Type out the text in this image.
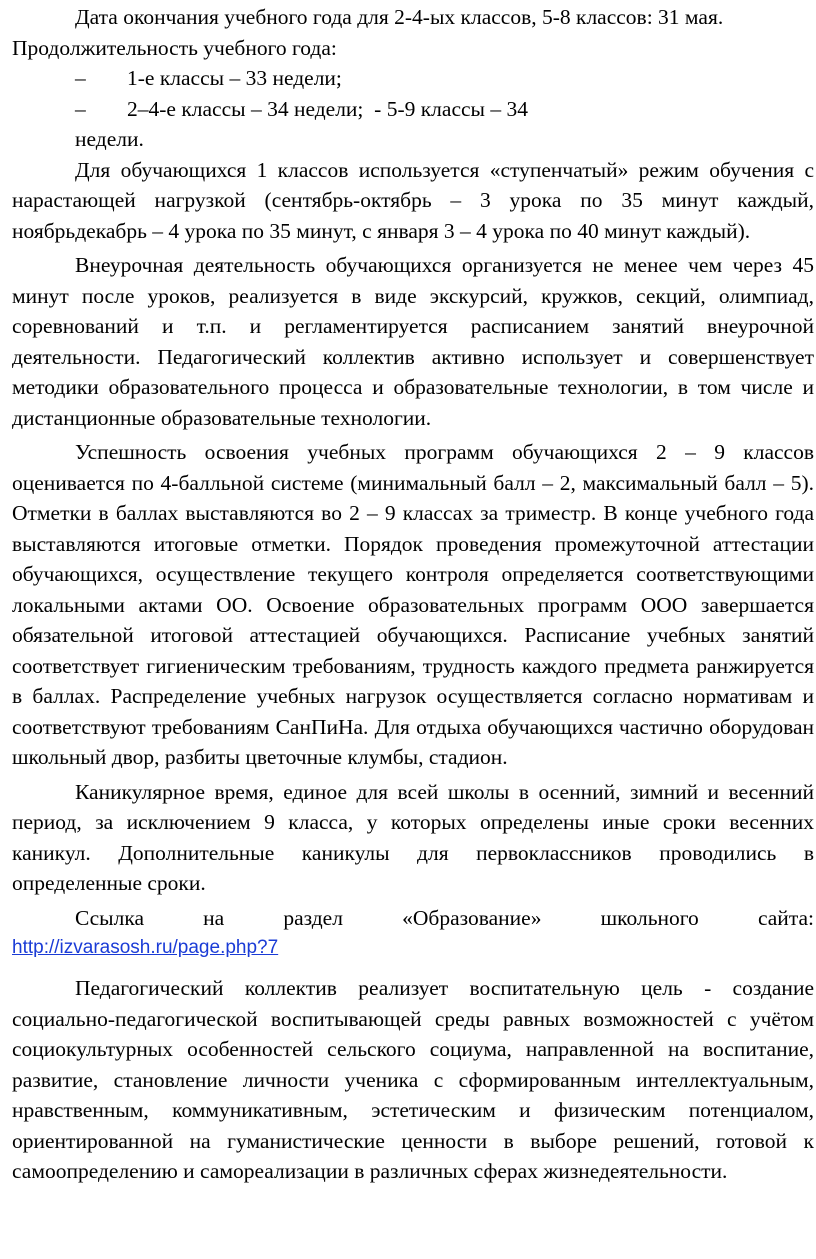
Дата окончания учебного года для 2-4-ых классов, 5-8 классов: 31 мая.

Продолжительность учебного года:

– 1-е классы – 33 недели;

– 2–4-е классы – 34 недели;  - 5-9 классы – 34

недели.

Для обучающихся 1 классов используется «ступенчатый» режим обучения с нарастающей нагрузкой (сентябрь-октябрь – 3 урока по 35 минут каждый, ноябрьдекабрь – 4 урока по 35 минут, с января 3 – 4 урока по 40 минут каждый).

Внеурочная деятельность обучающихся организуется не менее чем через 45 минут после уроков, реализуется в виде экскурсий, кружков, секций, олимпиад, соревнований и т.п. и регламентируется расписанием занятий внеурочной деятельности. Педагогический коллектив активно использует и совершенствует методики образовательного процесса и образовательные технологии, в том числе и дистанционные образовательные технологии.

Успешность освоения учебных программ обучающихся 2 – 9 классов оценивается по 4-балльной системе (минимальный балл – 2, максимальный балл – 5). Отметки в баллах выставляются во 2 – 9 классах за триместр. В конце учебного года выставляются итоговые отметки. Порядок проведения промежуточной аттестации обучающихся, осуществление текущего контроля определяется соответствующими локальными актами ОО. Освоение образовательных программ ООО завершается обязательной итоговой аттестацией обучающихся. Расписание учебных занятий соответствует гигиеническим требованиям, трудность каждого предмета ранжируется в баллах. Распределение учебных нагрузок осуществляется согласно нормативам и соответствуют требованиям СанПиНа. Для отдыха обучающихся частично оборудован школьный двор, разбиты цветочные клумбы, стадион.

Каникулярное время, единое для всей школы в осенний, зимний и весенний период, за исключением 9 класса, у которых определены иные сроки весенних каникул. Дополнительные каникулы для первоклассников проводились в определенные сроки.

Ссылка на раздел «Образование» школьного сайта:

http://izvarasosh.ru/page.php?7

Педагогический коллектив реализует воспитательную цель - создание социально-педагогической воспитывающей среды равных возможностей с учётом социокультурных особенностей сельского социума, направленной на воспитание, развитие, становление личности ученика с сформированным интеллектуальным, нравственным, коммуникативным, эстетическим и физическим потенциалом, ориентированной на гуманистические ценности в выборе решений, готовой к самоопределению и самореализации в различных сферах жизнедеятельности.
